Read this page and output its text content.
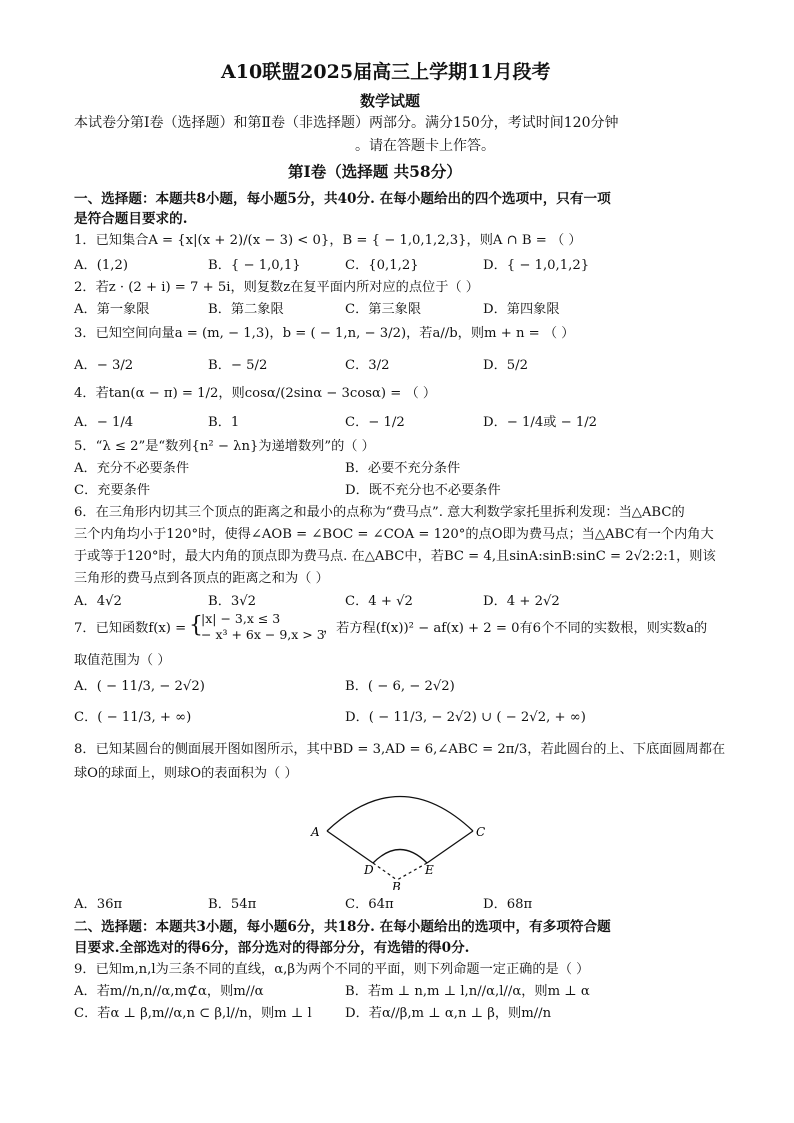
A10联盟2025届高三上学期11月段考
数学试题
本试卷分第Ⅰ卷（选择题）和第Ⅱ卷（非选择题）两部分。满分150分，考试时间120分钟
。请在答题卡上作答。
第Ⅰ卷（选择题 共58分）
一、选择题：本题共8小题，每小题5分，共40分. 在每小题给出的四个选项中，只有一项
是符合题目要求的.
1．已知集合A = {x|(x + 2)/(x − 3) < 0}，B = { − 1,0,1,2,3}，则A ∩ B = （ ）
A．(1,2)	B．{ − 1,0,1}	C．{0,1,2}	D．{ − 1,0,1,2}
2．若z · (2 + i) = 7 + 5i，则复数z在复平面内所对应的点位于（ ）
A．第一象限	B．第二象限	C．第三象限	D．第四象限
3．已知空间向量a = (m, − 1,3)，b = ( − 1,n, − 3/2)，若a//b，则m + n = （ ）
A．− 3/2	B．− 5/2	C．3/2	D．5/2
4．若tan(α − π) = 1/2，则cosα/(2sinα − 3cosα) = （ ）
A．− 1/4	B．1	C．− 1/2	D．− 1/4或 − 1/2
5．“λ ≤ 2”是“数列{n² − λn}为递增数列”的（ ）
A．充分不必要条件	B．必要不充分条件
C．充要条件	D．既不充分也不必要条件
6．在三角形内切其三个顶点的距离之和最小的点称为“费马点”. 意大利数学家托里拆利发现：当△ABC的
三个内角均小于120°时，使得∠AOB = ∠BOC = ∠COA = 120°的点O即为费马点；当△ABC有一个内角大
于或等于120°时，最大内角的顶点即为费马点. 在△ABC中，若BC = 4,且sinA:sinB:sinC = 2√2:2:1，则该
三角形的费马点到各顶点的距离之和为（ ）
A．4√2	B．3√2	C．4 + √2	D．4 + 2√2
7．已知函数f(x) = {
|x| − 3,x ≤ 3
− x³ + 6x − 9,x > 3
，若方程(f(x))² − af(x) + 2 = 0有6个不同的实数根，则实数a的
取值范围为（ ）
A．( − 11/3, − 2√2)	B．( − 6, − 2√2)
C．( − 11/3, + ∞)	D．( − 11/3, − 2√2) ∪ ( − 2√2, + ∞)
8．已知某圆台的侧面展开图如图所示，其中BD = 3,AD = 6,∠ABC = 2π/3，若此圆台的上、下底面圆周都在
球O的球面上，则球O的表面积为（ ）
A	C
D	E
B
A．36π	B．54π	C．64π	D．68π
二、选择题：本题共3小题，每小题6分，共18分. 在每小题给出的选项中，有多项符合题
目要求.全部选对的得6分，部分选对的得部分分，有选错的得0分.
9．已知m,n,l为三条不同的直线，α,β为两个不同的平面，则下列命题一定正确的是（ ）
A．若m//n,n//α,m⊄α，则m//α	B．若m ⊥ n,m ⊥ l,n//α,l//α，则m ⊥ α
C．若α ⊥ β,m//α,n ⊂ β,l//n，则m ⊥ l	D．若α//β,m ⊥ α,n ⊥ β，则m//n
